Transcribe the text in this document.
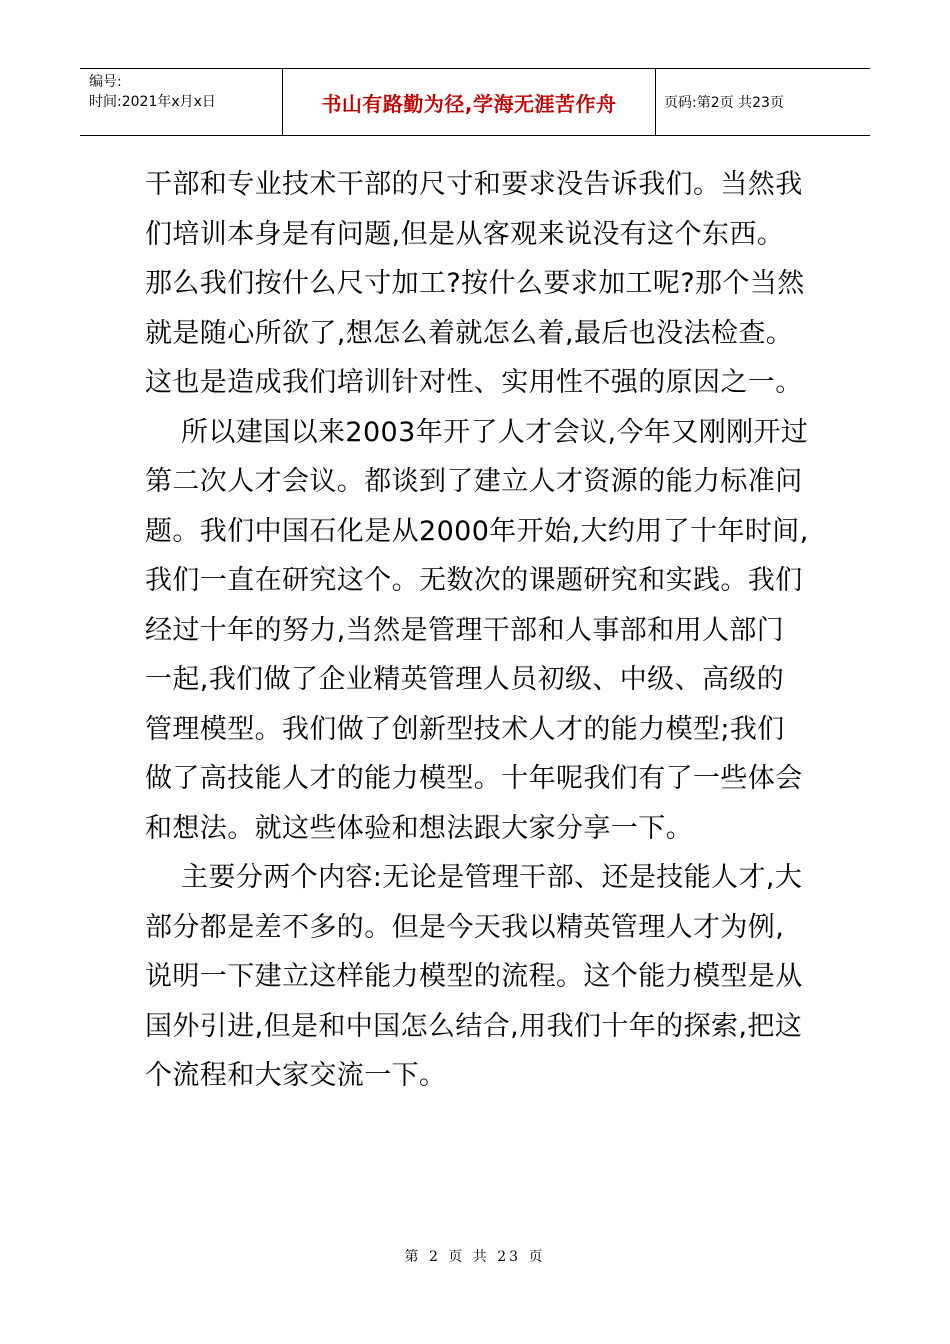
编号:
时间:2021年x月x日	书山有路勤为径,学海无涯苦作舟	页码:第2页 共23页

干部和专业技术干部的尺寸和要求没告诉我们。当然我们培训本身是有问题,但是从客观来说没有这个东西。那么我们按什么尺寸加工?按什么要求加工呢?那个当然就是随心所欲了,想怎么着就怎么着,最后也没法检查。这也是造成我们培训针对性、实用性不强的原因之一。

所以建国以来2003年开了人才会议,今年又刚刚开过第二次人才会议。都谈到了建立人才资源的能力标准问题。我们中国石化是从2000年开始,大约用了十年时间,我们一直在研究这个。无数次的课题研究和实践。我们经过十年的努力,当然是管理干部和人事部和用人部门一起,我们做了企业精英管理人员初级、中级、高级的管理模型。我们做了创新型技术人才的能力模型;我们做了高技能人才的能力模型。十年呢我们有了一些体会和想法。就这些体验和想法跟大家分享一下。

主要分两个内容:无论是管理干部、还是技能人才,大部分都是差不多的。但是今天我以精英管理人才为例,说明一下建立这样能力模型的流程。这个能力模型是从国外引进,但是和中国怎么结合,用我们十年的探索,把这个流程和大家交流一下。

第 2 页 共 23 页
